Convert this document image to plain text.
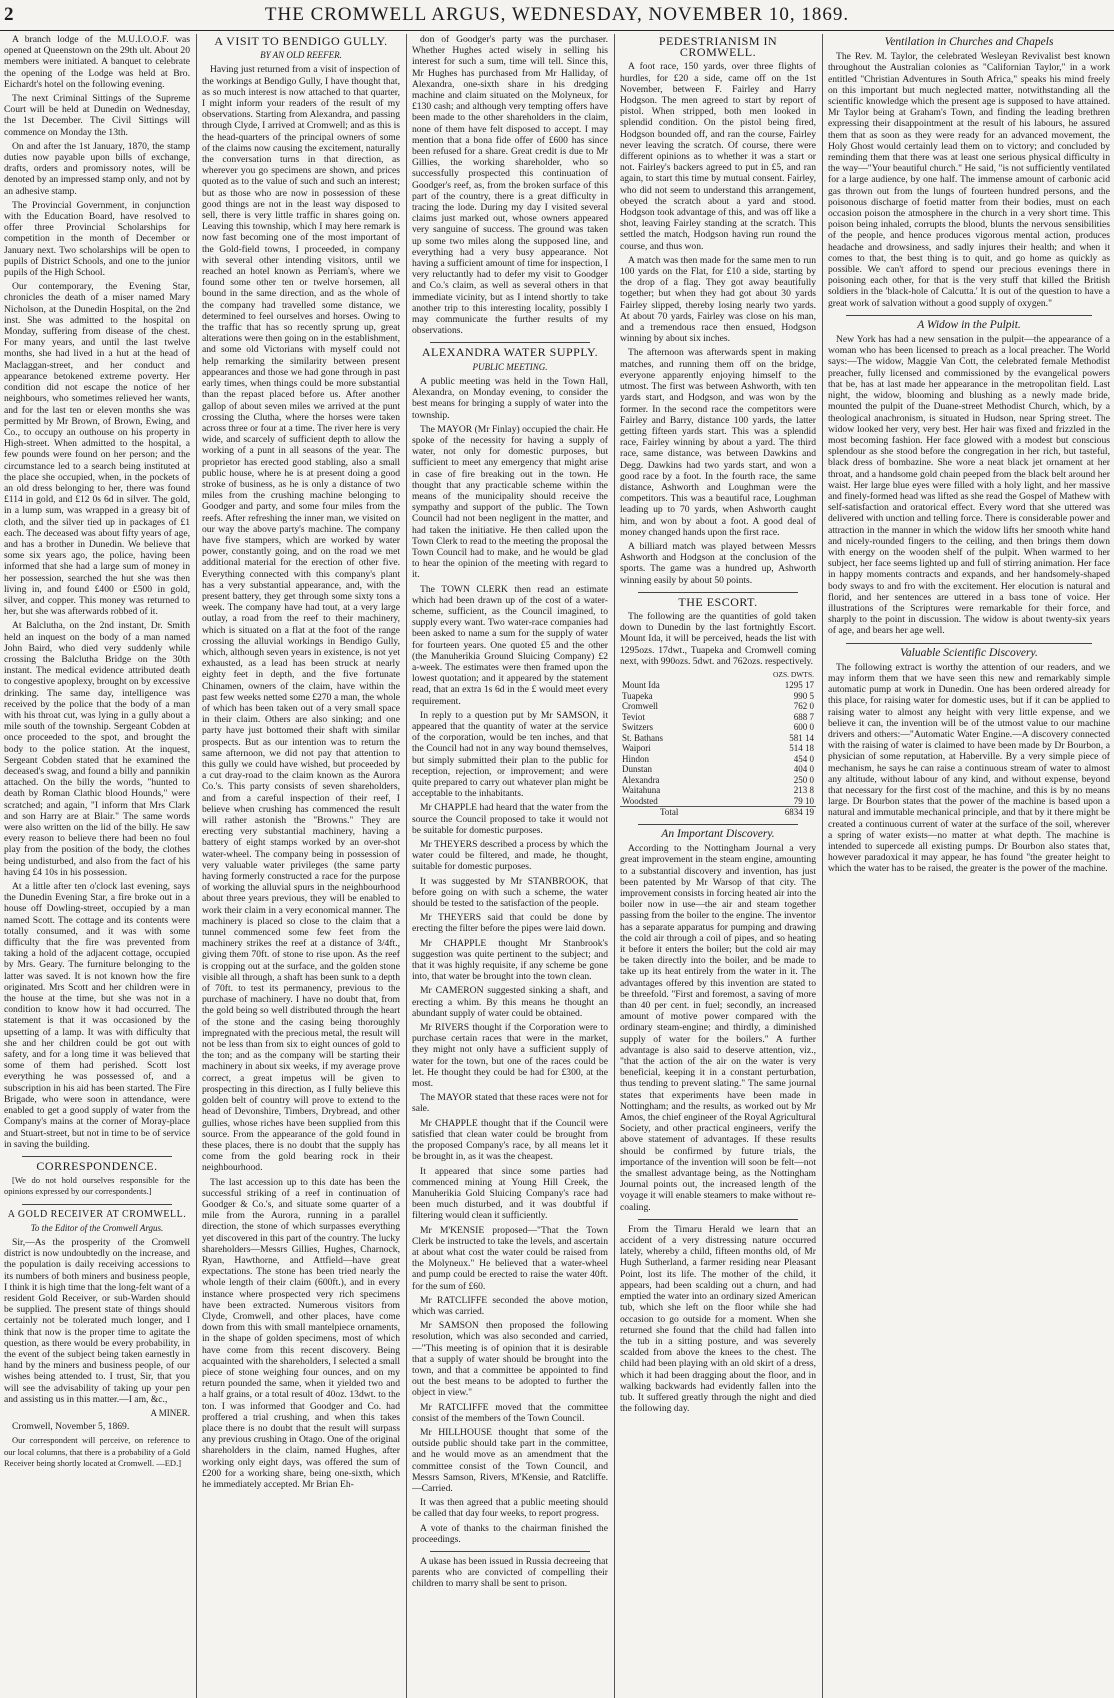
2	THE CROMWELL ARGUS, WEDNESDAY, NOVEMBER 10, 1869.

A branch lodge of the M.U.I.O.O.F. was opened at Queenstown on the 29th ult. About 20 members were initiated. A banquet to celebrate the opening of the Lodge was held at Bro. Eichardt's hotel on the following evening.

The next Criminal Sittings of the Supreme Court will be held at Dunedin on Wednesday, the 1st December. The Civil Sittings will commence on Monday the 13th.

On and after the 1st January, 1870, the stamp duties now payable upon bills of exchange, drafts, orders and promissory notes, will be denoted by an impressed stamp only, and not by an adhesive stamp.

The Provincial Government, in conjunction with the Education Board, have resolved to offer three Provincial Scholarships for competition in the month of December or January next. Two scholarships will be open to pupils of District Schools, and one to the junior pupils of the High School.

Our contemporary, the Evening Star, chronicles the death of a miser named Mary Nicholson, at the Dunedin Hospital, on the 2nd inst. She was admitted to the hospital on Monday, suffering from disease of the chest. For many years, and until the last twelve months, she had lived in a hut at the head of Maclaggan-street, and her conduct and appearance betokened extreme poverty. Her condition did not escape the notice of her neighbours, who sometimes relieved her wants, and for the last ten or eleven months she was permitted by Mr Brown, of Brown, Ewing, and Co., to occupy an outhouse on his property in High-street. When admitted to the hospital, a few pounds were found on her person; and the circumstance led to a search being instituted at the place she occupied, when, in the pockets of an old dress belonging to her, there was found £114 in gold, and £12 0s 6d in silver. The gold, in a lump sum, was wrapped in a greasy bit of cloth, and the silver tied up in packages of £1 each. The deceased was about fifty years of age, and has a brother in Dunedin. We believe that some six years ago, the police, having been informed that she had a large sum of money in her possession, searched the hut she was then living in, and found £400 or £500 in gold, silver, and copper. This money was returned to her, but she was afterwards robbed of it.

At Balclutha, on the 2nd instant, Dr. Smith held an inquest on the body of a man named John Baird, who died very suddenly while crossing the Balclutha Bridge on the 30th instant. The medical evidence attributed death to congestive apoplexy, brought on by excessive drinking. The same day, intelligence was received by the police that the body of a man with his throat cut, was lying in a gully about a mile south of the township. Sergeant Cobden at once proceeded to the spot, and brought the body to the police station. At the inquest, Sergeant Cobden stated that he examined the deceased's swag, and found a billy and pannikin attached. On the billy the words, "hunted to death by Roman Clathic blood Hounds," were scratched; and again, "I inform that Mrs Clark and son Harry are at Blair." The same words were also written on the lid of the billy. He saw every reason to believe there had been no foul play from the position of the body, the clothes being undisturbed, and also from the fact of his having £4 10s in his possession.

At a little after ten o'clock last evening, says the Dunedin Evening Star, a fire broke out in a house off Dowling-street, occupied by a man named Scott. The cottage and its contents were totally consumed, and it was with some difficulty that the fire was prevented from taking a hold of the adjacent cottage, occupied by Mrs. Geary. The furniture belonging to the latter was saved. It is not known how the fire originated. Mrs Scott and her children were in the house at the time, but she was not in a condition to know how it had occurred. The statement is that it was occasioned by the upsetting of a lamp. It was with difficulty that she and her children could be got out with safety, and for a long time it was believed that some of them had perished. Scott lost everything he was possessed of, and a subscription in his aid has been started. The Fire Brigade, who were soon in attendance, were enabled to get a good supply of water from the Company's mains at the corner of Moray-place and Stuart-street, but not in time to be of service in saving the building.

CORRESPONDENCE.

[We do not hold ourselves responsible for the opinions expressed by our correspondents.]

A GOLD RECEIVER AT CROMWELL.
To the Editor of the Cromwell Argus.

Sir,—As the prosperity of the Cromwell district is now undoubtedly on the increase, and the population is daily receiving accessions to its numbers of both miners and business people, I think it is high time that the long-felt want of a resident Gold Receiver, or sub-Warden should be supplied. The present state of things should certainly not be tolerated much longer, and I think that now is the proper time to agitate the question, as there would be every probability, in the event of the subject being taken earnestly in hand by the miners and business people, of our wishes being attended to. I trust, Sir, that you will see the advisability of taking up your pen and assisting us in this matter.—I am, &c.,

A MINER.

Cromwell, November 5, 1869.

Our correspondent will perceive, on reference to our local columns, that there is a probability of a Gold Receiver being shortly located at Cromwell. —ED.]

A VISIT TO BENDIGO GULLY.
BY AN OLD REEFER.

Having just returned from a visit of inspection of the workings at Bendigo Gully, I have thought that, as so much interest is now attached to that quarter, I might inform your readers of the result of my observations. Starting from Alexandra, and passing through Clyde, I arrived at Cromwell; and as this is the head-quarters of the principal owners of some of the claims now causing the excitement, naturally the conversation turns in that direction, as wherever you go specimens are shown, and prices quoted as to the value of such and such an interest; but as those who are now in possession of these good things are not in the least way disposed to sell, there is very little traffic in shares going on. Leaving this township, which I may here remark is now fast becoming one of the most important of the Gold-field towns, I proceeded, in company with several other intending visitors, until we reached an hotel known as Perriam's, where we found some other ten or twelve horsemen, all bound in the same direction, and as the whole of the company had travelled some distance, we determined to feel ourselves and horses. Owing to the traffic that has so recently sprung up, great alterations were then going on in the establishment, and some old Victorians with myself could not help remarking the similarity between present appearances and those we had gone through in past early times, when things could be more substantial than the repast placed before us. After another gallop of about seven miles we arrived at the punt crossing the Clutha, where the horses were taken across three or four at a time. The river here is very wide, and scarcely of sufficient depth to allow the working of a punt in all seasons of the year. The proprietor has erected good stabling, also a small public house, where he is at present doing a good stroke of business, as he is only a distance of two miles from the crushing machine belonging to Goodger and party, and some four miles from the reefs. After refreshing the inner man, we visited on our way the above party's machine. The company have five stampers, which are worked by water power, constantly going, and on the road we met additional material for the erection of other five. Everything connected with this company's plant has a very substantial appearance, and, with the present battery, they get through some sixty tons a week. The company have had tout, at a very large outlay, a road from the reef to their machinery, which is situated on a flat at the foot of the range crossing the alluvial workings in Bendigo Gully, which, although seven years in existence, is not yet exhausted, as a lead has been struck at nearly eighty feet in depth, and the five fortunate Chinamen, owners of the claim, have within the past few weeks netted some £270 a man, the whole of which has been taken out of a very small space in their claim. Others are also sinking; and one party have just bottomed their shaft with similar prospects. But as our intention was to return the same afternoon, we did not pay that attention to this gully we could have wished, but proceeded by a cut dray-road to the claim known as the Aurora Co.'s. This party consists of seven shareholders, and from a careful inspection of their reef, I believe when crushing has commenced the result will rather astonish the "Browns." They are erecting very substantial machinery, having a battery of eight stamps worked by an over-shot water-wheel. The company being in possession of very valuable water privileges (the same party having formerly constructed a race for the purpose of working the alluvial spurs in the neighbourhood about three years previous, they will be enabled to work their claim in a very economical manner. The machinery is placed so close to the claim that a tunnel commenced some few feet from the machinery strikes the reef at a distance of 3/4ft., giving them 70ft. of stone to rise upon. As the reef is cropping out at the surface, and the golden stone visible all through, a shaft has been sunk to a depth of 70ft. to test its permanency, previous to the purchase of machinery. I have no doubt that, from the gold being so well distributed through the heart of the stone and the casing being thoroughly impregnated with the precious metal, the result will not be less than from six to eight ounces of gold to the ton; and as the company will be starting their machinery in about six weeks, if my average prove correct, a great impetus will be given to prospecting in this direction, as I fully believe this golden belt of country will prove to extend to the head of Devonshire, Timbers, Drybread, and other gullies, whose riches have been supplied from this source. From the appearance of the gold found in these places, there is no doubt that the supply has come from the gold bearing rock in their neighbourhood.

The last accession up to this date has been the successful striking of a reef in continuation of Goodger & Co.'s, and situate some quarter of a mile from the Aurora, running in a parallel direction, the stone of which surpasses everything yet discovered in this part of the country. The lucky shareholders—Messrs Gillies, Hughes, Charnock, Ryan, Hawthorne, and Attfield—have great expectations. The stone has been tried nearly the whole length of their claim (600ft.), and in every instance where prospected very rich specimens have been extracted. Numerous visitors from Clyde, Cromwell, and other places, have come down from this with small mantelpiece ornaments, in the shape of golden specimens, most of which have come from this recent discovery. Being acquainted with the shareholders, I selected a small piece of stone weighing four ounces, and on my return pounded the same, when it yielded two and a half grains, or a total result of 40oz. 13dwt. to the ton. I was informed that Goodger and Co. had proffered a trial crushing, and when this takes place there is no doubt that the result will surpass any previous crushing in Otago. One of the original shareholders in the claim, named Hughes, after working only eight days, was offered the sum of £200 for a working share, being one-sixth, which he immediately accepted. Mr Brian Eh-

don of Goodger's party was the purchaser. Whether Hughes acted wisely in selling his interest for such a sum, time will tell. Since this, Mr Hughes has purchased from Mr Halliday, of Alexandra, one-sixth share in his dredging machine and claim situated on the Molyneux, for £130 cash; and although very tempting offers have been made to the other shareholders in the claim, none of them have felt disposed to accept. I may mention that a bona fide offer of £600 has since been refused for a share. Great credit is due to Mr Gillies, the working shareholder, who so successfully prospected this continuation of Goodger's reef, as, from the broken surface of this part of the country, there is a great difficulty in tracing the lode. During my day I visited several claims just marked out, whose owners appeared very sanguine of success. The ground was taken up some two miles along the supposed line, and everything had a very busy appearance. Not having a sufficient amount of time for inspection, I very reluctantly had to defer my visit to Goodger and Co.'s claim, as well as several others in that immediate vicinity, but as I intend shortly to take another trip to this interesting locality, possibly I may communicate the further results of my observations.

ALEXANDRA WATER SUPPLY.
PUBLIC MEETING.

A public meeting was held in the Town Hall, Alexandra, on Monday evening, to consider the best means for bringing a supply of water into the township.

The MAYOR (Mr Finlay) occupied the chair. He spoke of the necessity for having a supply of water, not only for domestic purposes, but sufficient to meet any emergency that might arise in case of fire breaking out in the town. He thought that any practicable scheme within the means of the municipality should receive the sympathy and support of the public. The Town Council had not been negligent in the matter, and had taken the initiative. He then called upon the Town Clerk to read to the meeting the proposal the Town Council had to make, and he would be glad to hear the opinion of the meeting with regard to it.

The TOWN CLERK then read an estimate which had been drawn up of the cost of a water-scheme, sufficient, as the Council imagined, to supply every want. Two water-race companies had been asked to name a sum for the supply of water for fourteen years. One quoted £5 and the other (the Manuherikia Ground Sluicing Company) £2 a-week. The estimates were then framed upon the lowest quotation; and it appeared by the statement read, that an extra 1s 6d in the £ would meet every requirement.

In reply to a question put by Mr SAMSON, it appeared that the quantity of water at the service of the corporation, would be ten inches, and that the Council had not in any way bound themselves, but simply submitted their plan to the public for reception, rejection, or improvement; and were quite prepared to carry out whatever plan might be acceptable to the inhabitants.

Mr CHAPPLE had heard that the water from the source the Council proposed to take it would not be suitable for domestic purposes.

Mr THEYERS described a process by which the water could be filtered, and made, he thought, suitable for domestic purposes.

It was suggested by Mr STANBROOK, that before going on with such a scheme, the water should be tested to the satisfaction of the people.

Mr THEYERS said that could be done by erecting the filter before the pipes were laid down.

Mr CHAPPLE thought Mr Stanbrook's suggestion was quite pertinent to the subject; and that it was highly requisite, if any scheme be gone into, that water be brought into the town clean.

Mr CAMERON suggested sinking a shaft, and erecting a whim. By this means he thought an abundant supply of water could be obtained.

Mr RIVERS thought if the Corporation were to purchase certain races that were in the market, they might not only have a sufficient supply of water for the town, but one of the races could be let. He thought they could be had for £300, at the most.

The MAYOR stated that these races were not for sale.

Mr CHAPPLE thought that if the Council were satisfied that clean water could be brought from the proposed Company's race, by all means let it be brought in, as it was the cheapest.

It appeared that since some parties had commenced mining at Young Hill Creek, the Manuherikia Gold Sluicing Company's race had been much disturbed, and it was doubtful if filtering would clean it sufficiently.

Mr M'KENSIE proposed—"That the Town Clerk be instructed to take the levels, and ascertain at about what cost the water could be raised from the Molyneux." He believed that a water-wheel and pump could be erected to raise the water 40ft. for the sum of £60.

Mr RATCLIFFE seconded the above motion, which was carried.

Mr SAMSON then proposed the following resolution, which was also seconded and carried,—"This meeting is of opinion that it is desirable that a supply of water should be brought into the town, and that a committee be appointed to find out the best means to be adopted to further the object in view."

Mr RATCLIFFE moved that the committee consist of the members of the Town Council.

Mr HILLHOUSE thought that some of the outside public should take part in the committee, and he would move as an amendment that the committee consist of the Town Council, and Messrs Samson, Rivers, M'Kensie, and Ratcliffe.—Carried.

It was then agreed that a public meeting should be called that day four weeks, to report progress.

A vote of thanks to the chairman finished the proceedings.

A ukase has been issued in Russia decreeing that parents who are convicted of compelling their children to marry shall be sent to prison.

PEDESTRIANISM IN CROMWELL.

A foot race, 150 yards, over three flights of hurdles, for £20 a side, came off on the 1st November, between F. Fairley and Harry Hodgson. The men agreed to start by report of pistol. When stripped, both men looked in splendid condition. On the pistol being fired, Hodgson bounded off, and ran the course, Fairley never leaving the scratch. Of course, there were different opinions as to whether it was a start or not. Fairley's backers agreed to put in £5, and ran again, to start this time by mutual consent. Fairley, who did not seem to understand this arrangement, obeyed the scratch about a yard and stood. Hodgson took advantage of this, and was off like a shot, leaving Fairley standing at the scratch. This settled the match, Hodgson having run round the course, and thus won.

A match was then made for the same men to run 100 yards on the Flat, for £10 a side, starting by the drop of a flag. They got away beautifully together; but when they had got about 30 yards Fairley slipped, thereby losing nearly two yards. At about 70 yards, Fairley was close on his man, and a tremendous race then ensued, Hodgson winning by about six inches.

The afternoon was afterwards spent in making matches, and running them off on the bridge, everyone apparently enjoying himself to the utmost. The first was between Ashworth, with ten yards start, and Hodgson, and was won by the former. In the second race the competitors were Fairley and Barry, distance 100 yards, the latter getting fifteen yards start. This was a splendid race, Fairley winning by about a yard. The third race, same distance, was between Dawkins and Degg. Dawkins had two yards start, and won a good race by a foot. In the fourth race, the same distance, Ashworth and Loughman were the competitors. This was a beautiful race, Loughman leading up to 70 yards, when Ashworth caught him, and won by about a foot. A good deal of money changed hands upon the first race.

A billiard match was played between Messrs Ashworth and Hodgson at the conclusion of the sports. The game was a hundred up, Ashworth winning easily by about 50 points.

THE ESCORT.

The following are the quantities of gold taken down to Dunedin by the last fortnightly Escort. Mount Ida, it will be perceived, heads the list with 1295ozs. 17dwt., Tuapeka and Cromwell coming next, with 990ozs. 5dwt. and 762ozs. respectively.

	OZS. DWTS.
Mount Ida	1295 17
Tuapeka	990 5
Cromwell	762 0
Teviot	688 7
Switzers	600 0
St. Bathans	581 14
Waipori	514 18
Hindon	454 0
Dunstan	404 0
Alexandra	250 0
Waitahuna	213 8
Woodsted	79 10
Total	6834 19
An Important Discovery.

According to the Nottingham Journal a very great improvement in the steam engine, amounting to a substantial discovery and invention, has just been patented by Mr Warsop of that city. The improvement consists in forcing heated air into the boiler now in use—the air and steam together passing from the boiler to the engine. The inventor has a separate apparatus for pumping and drawing the cold air through a coil of pipes, and so heating it before it enters the boiler; but the cold air may be taken directly into the boiler, and be made to take up its heat entirely from the water in it. The advantages offered by this invention are stated to be threefold. "First and foremost, a saving of more than 40 per cent. in fuel; secondly, an increased amount of motive power compared with the ordinary steam-engine; and thirdly, a diminished supply of water for the boilers." A further advantage is also said to deserve attention, viz., "that the action of the air on the water is very beneficial, keeping it in a constant perturbation, thus tending to prevent slating." The same journal states that experiments have been made in Nottingham; and the results, as worked out by Mr Amos, the chief engineer of the Royal Agricultural Society, and other practical engineers, verify the above statement of advantages. If these results should be confirmed by future trials, the importance of the invention will soon be felt—not the smallest advantage being, as the Nottingham Journal points out, the increased length of the voyage it will enable steamers to make without re-coaling.

From the Timaru Herald we learn that an accident of a very distressing nature occurred lately, whereby a child, fifteen months old, of Mr Hugh Sutherland, a farmer residing near Pleasant Point, lost its life. The mother of the child, it appears, had been scalding out a churn, and had emptied the water into an ordinary sized American tub, which she left on the floor while she had occasion to go outside for a moment. When she returned she found that the child had fallen into the tub in a sitting posture, and was severely scalded from above the knees to the chest. The child had been playing with an old skirt of a dress, which it had been dragging about the floor, and in walking backwards had evidently fallen into the tub. It suffered greatly through the night and died the following day.

Ventilation in Churches and Chapels

The Rev. M. Taylor, the celebrated Wesleyan Revivalist best known throughout the Australian colonies as "Californian Taylor," in a work entitled "Christian Adventures in South Africa," speaks his mind freely on this important but much neglected matter, notwithstanding all the scientific knowledge which the present age is supposed to have attained. Mr Taylor being at Graham's Town, and finding the leading brethren expressing their disappointment at the result of his labours, he assured them that as soon as they were ready for an advanced movement, the Holy Ghost would certainly lead them on to victory; and concluded by reminding them that there was at least one serious physical difficulty in the way—"Your beautiful church." He said, "is not sufficiently ventilated for a large audience, by one half. The immense amount of carbonic acid gas thrown out from the lungs of fourteen hundred persons, and the poisonous discharge of foetid matter from their bodies, must on each occasion poison the atmosphere in the church in a very short time. This poison being inhaled, corrupts the blood, blunts the nervous sensibilities of the people, and hence produces vigorous mental action, produces headache and drowsiness, and sadly injures their health; and when it comes to that, the best thing is to quit, and go home as quickly as possible. We can't afford to spend our precious evenings there in poisoning each other, for that is the very stuff that killed the British soldiers in the 'black-hole of Calcutta.' It is out of the question to have a great work of salvation without a good supply of oxygen."

A Widow in the Pulpit.

New York has had a new sensation in the pulpit—the appearance of a woman who has been licensed to preach as a local preacher. The World says:—The widow, Maggie Van Cott, the celebrated female Methodist preacher, fully licensed and commissioned by the evangelical powers that be, has at last made her appearance in the metropolitan field. Last night, the widow, blooming and blushing as a newly made bride, mounted the pulpit of the Duane-street Methodist Church, which, by a theological anachronism, is situated in Hudson, near Spring street. The widow looked her very, very best. Her hair was fixed and frizzled in the most becoming fashion. Her face glowed with a modest but conscious splendour as she stood before the congregation in her rich, but tasteful, black dress of bombazine. She wore a neat black jet ornament at her throat, and a handsome gold chain peeped from the black belt around her waist. Her large blue eyes were filled with a holy light, and her massive and finely-formed head was lifted as she read the Gospel of Mathew with self-satisfaction and oratorical effect. Every word that she uttered was delivered with unction and telling force. There is considerable power and attraction in the manner in which the widow lifts her smooth white hand and nicely-rounded fingers to the ceiling, and then brings them down with energy on the wooden shelf of the pulpit. When warmed to her subject, her face seems lighted up and full of stirring animation. Her face in happy moments contracts and expands, and her handsomely-shaped body sways to and fro with the excitement. Her elocution is natural and florid, and her sentences are uttered in a bass tone of voice. Her illustrations of the Scriptures were remarkable for their force, and sharply to the point in discussion. The widow is about twenty-six years of age, and bears her age well.

Valuable Scientific Discovery.

The following extract is worthy the attention of our readers, and we may inform them that we have seen this new and remarkably simple automatic pump at work in Dunedin. One has been ordered already for this place, for raising water for domestic uses, but if it can be applied to raising water to almost any height with very little expense, and we believe it can, the invention will be of the utmost value to our machine drivers and others:—"Automatic Water Engine.—A discovery connected with the raising of water is claimed to have been made by Dr Bourbon, a physician of some reputation, at Haberville. By a very simple piece of mechanism, he says he can raise a continuous stream of water to almost any altitude, without labour of any kind, and without expense, beyond that necessary for the first cost of the machine, and this is by no means large. Dr Bourbon states that the power of the machine is based upon a natural and immutable mechanical principle, and that by it there might be created a continuous current of water at the surface of the soil, wherever a spring of water exists—no matter at what depth. The machine is intended to supercede all existing pumps. Dr Bourbon also states that, however paradoxical it may appear, he has found "the greater height to which the water has to be raised, the greater is the power of the machine.
